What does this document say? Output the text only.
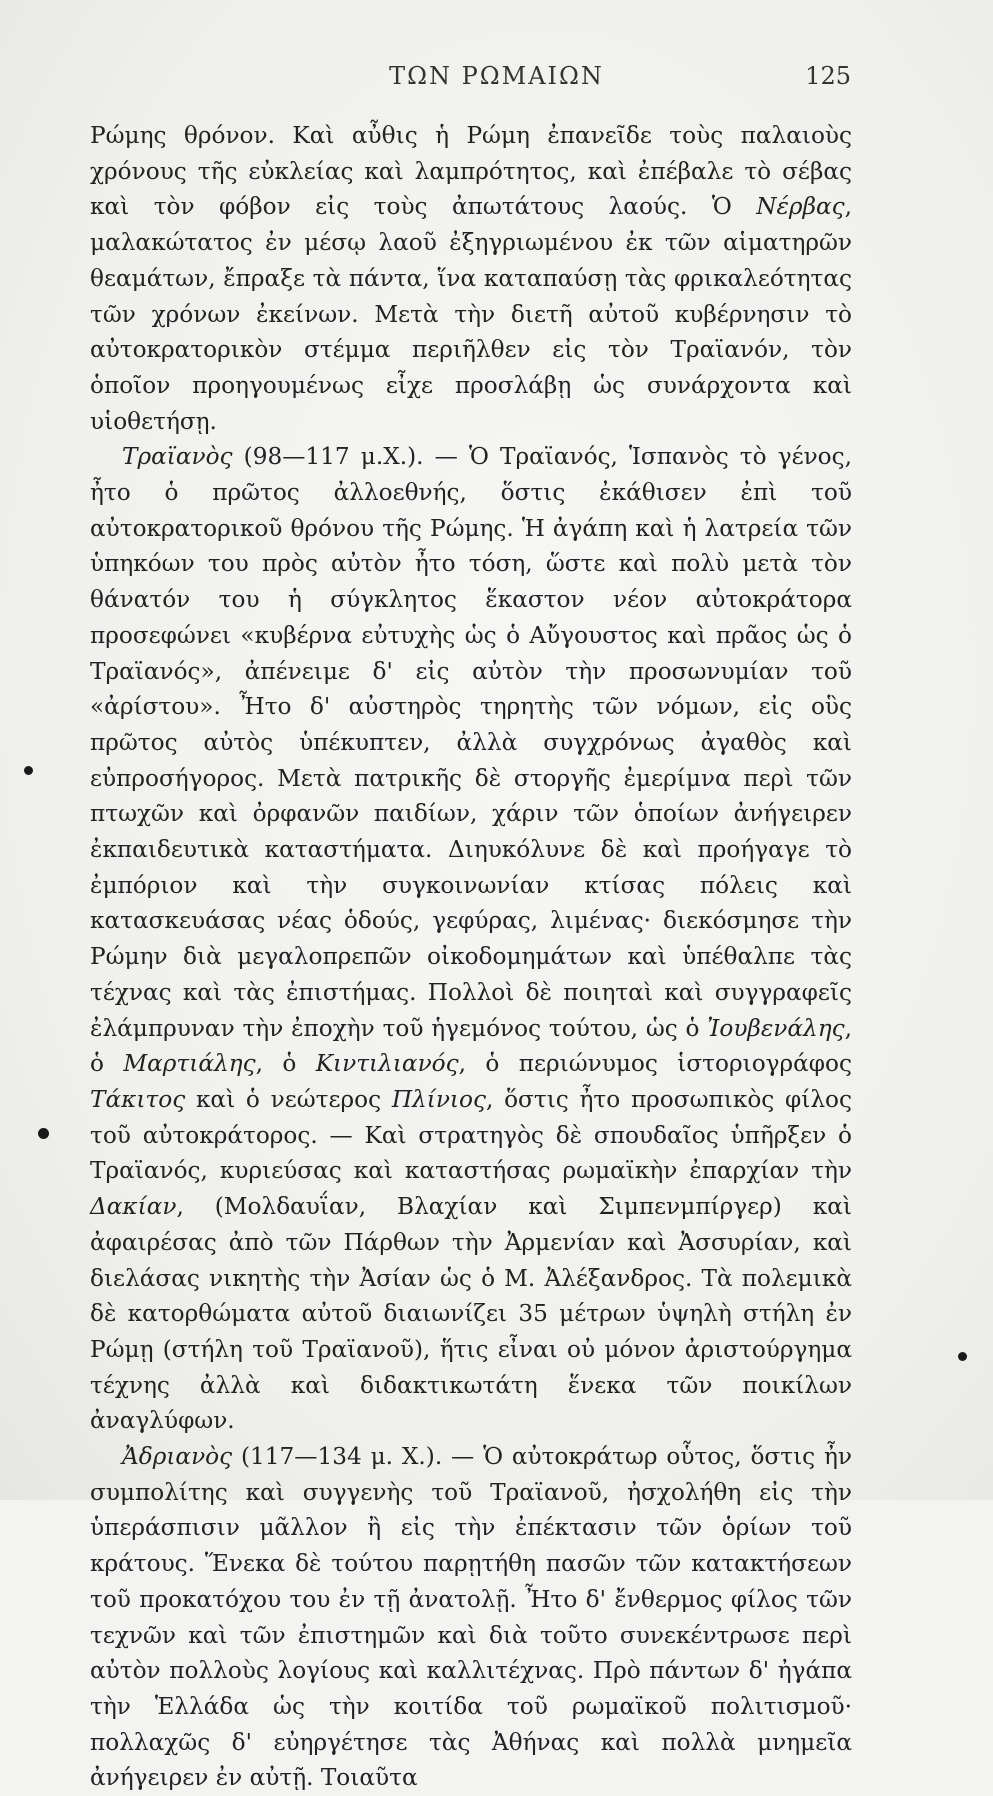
ΤΩΝ ΡΩΜΑΙΩΝ	125

Ρώμης θρόνον. Καὶ αὖθις ἡ Ρώμη ἐπανεῖδε τοὺς παλαιοὺς χρόνους τῆς εὐκλείας καὶ λαμπρότητος, καὶ ἐπέβαλε τὸ σέβας καὶ τὸν φόβον εἰς τοὺς ἀπωτάτους λαούς. Ὁ Νέρβας, μαλακώτατος ἐν μέσῳ λαοῦ ἐξηγριωμένου ἐκ τῶν αἱματηρῶν θεαμάτων, ἔπραξε τὰ πάντα, ἵνα καταπαύσῃ τὰς φρικαλεότητας τῶν χρόνων ἐκείνων. Μετὰ τὴν διετῆ αὐτοῦ κυβέρνησιν τὸ αὐτοκρατορικὸν στέμμα περιῆλθεν εἰς τὸν Τραϊανόν, τὸν ὁποῖον προηγουμένως εἶχε προσλάβῃ ὡς συνάρχοντα καὶ υἱοθετήσῃ.

Τραϊανὸς (98—117 μ.Χ.). — Ὁ Τραϊανός, Ἱσπανὸς τὸ γένος, ἦτο ὁ πρῶτος ἀλλοεθνής, ὅστις ἐκάθισεν ἐπὶ τοῦ αὐτοκρατορικοῦ θρόνου τῆς Ρώμης. Ἡ ἀγάπη καὶ ἡ λατρεία τῶν ὑπηκόων του πρὸς αὐτὸν ἦτο τόση, ὥστε καὶ πολὺ μετὰ τὸν θάνατόν του ἡ σύγκλητος ἕκαστον νέον αὐτοκράτορα προσεφώνει «κυβέρνα εὐτυχὴς ὡς ὁ Αὔγουστος καὶ πρᾶος ὡς ὁ Τραϊανός», ἀπένειμε δ' εἰς αὐτὸν τὴν προσωνυμίαν τοῦ «ἀρίστου». Ἦτο δ' αὐστηρὸς τηρητὴς τῶν νόμων, εἰς οὓς πρῶτος αὐτὸς ὑπέκυπτεν, ἀλλὰ συγχρόνως ἀγαθὸς καὶ εὐπροσήγορος. Μετὰ πατρικῆς δὲ στοργῆς ἐμερίμνα περὶ τῶν πτωχῶν καὶ ὀρφανῶν παιδίων, χάριν τῶν ὁποίων ἀνήγειρεν ἐκπαιδευτικὰ καταστήματα. Διηυκόλυνε δὲ καὶ προήγαγε τὸ ἐμπόριον καὶ τὴν συγκοινωνίαν κτίσας πόλεις καὶ κατασκευάσας νέας ὁδούς, γεφύρας, λιμένας· διεκόσμησε τὴν Ρώμην διὰ μεγαλοπρεπῶν οἰκοδομημάτων καὶ ὑπέθαλπε τὰς τέχνας καὶ τὰς ἐπιστήμας. Πολλοὶ δὲ ποιηταὶ καὶ συγγραφεῖς ἐλάμπρυναν τὴν ἐποχὴν τοῦ ἡγεμόνος τούτου, ὡς ὁ Ἰουβενάλης, ὁ Μαρτιάλης, ὁ Κιντιλιανός, ὁ περιώνυμος ἱστοριογράφος Τάκιτος καὶ ὁ νεώτερος Πλίνιος, ὅστις ἦτο προσωπικὸς φίλος τοῦ αὐτοκράτορος. — Καὶ στρατηγὸς δὲ σπουδαῖος ὑπῆρξεν ὁ Τραϊανός, κυριεύσας καὶ καταστήσας ρωμαϊκὴν ἐπαρχίαν τὴν Δακίαν, (Μολδαυΐαν, Βλαχίαν καὶ Σιμπενμπίργερ) καὶ ἀφαιρέσας ἀπὸ τῶν Πάρθων τὴν Ἀρμενίαν καὶ Ἀσσυρίαν, καὶ διελάσας νικητὴς τὴν Ἀσίαν ὡς ὁ Μ. Ἀλέξανδρος. Τὰ πολεμικὰ δὲ κατορθώματα αὐτοῦ διαιωνίζει 35 μέτρων ὑψηλὴ στήλη ἐν Ρώμῃ (στήλη τοῦ Τραϊανοῦ), ἥτις εἶναι οὐ μόνον ἀριστούργημα τέχνης ἀλλὰ καὶ διδακτικωτάτη ἕνεκα τῶν ποικίλων ἀναγλύφων.

Ἀδριανὸς (117—134 μ. Χ.). — Ὁ αὐτοκράτωρ οὗτος, ὅστις ἦν συμπολίτης καὶ συγγενὴς τοῦ Τραϊανοῦ, ἠσχολήθη εἰς τὴν ὑπεράσπισιν μᾶλλον ἢ εἰς τὴν ἐπέκτασιν τῶν ὁρίων τοῦ κράτους. Ἕνεκα δὲ τούτου παρῃτήθη πασῶν τῶν κατακτήσεων τοῦ προκατόχου του ἐν τῇ ἀνατολῇ. Ἦτο δ' ἔνθερμος φίλος τῶν τεχνῶν καὶ τῶν ἐπιστημῶν καὶ διὰ τοῦτο συνεκέντρωσε περὶ αὐτὸν πολλοὺς λογίους καὶ καλλιτέχνας. Πρὸ πάντων δ' ἠγάπα τὴν Ἑλλάδα ὡς τὴν κοιτίδα τοῦ ρωμαϊκοῦ πολιτισμοῦ· πολλαχῶς δ' εὐηργέτησε τὰς Ἀθήνας καὶ πολλὰ μνημεῖα ἀνήγειρεν ἐν αὐτῇ. Τοιαῦτα
